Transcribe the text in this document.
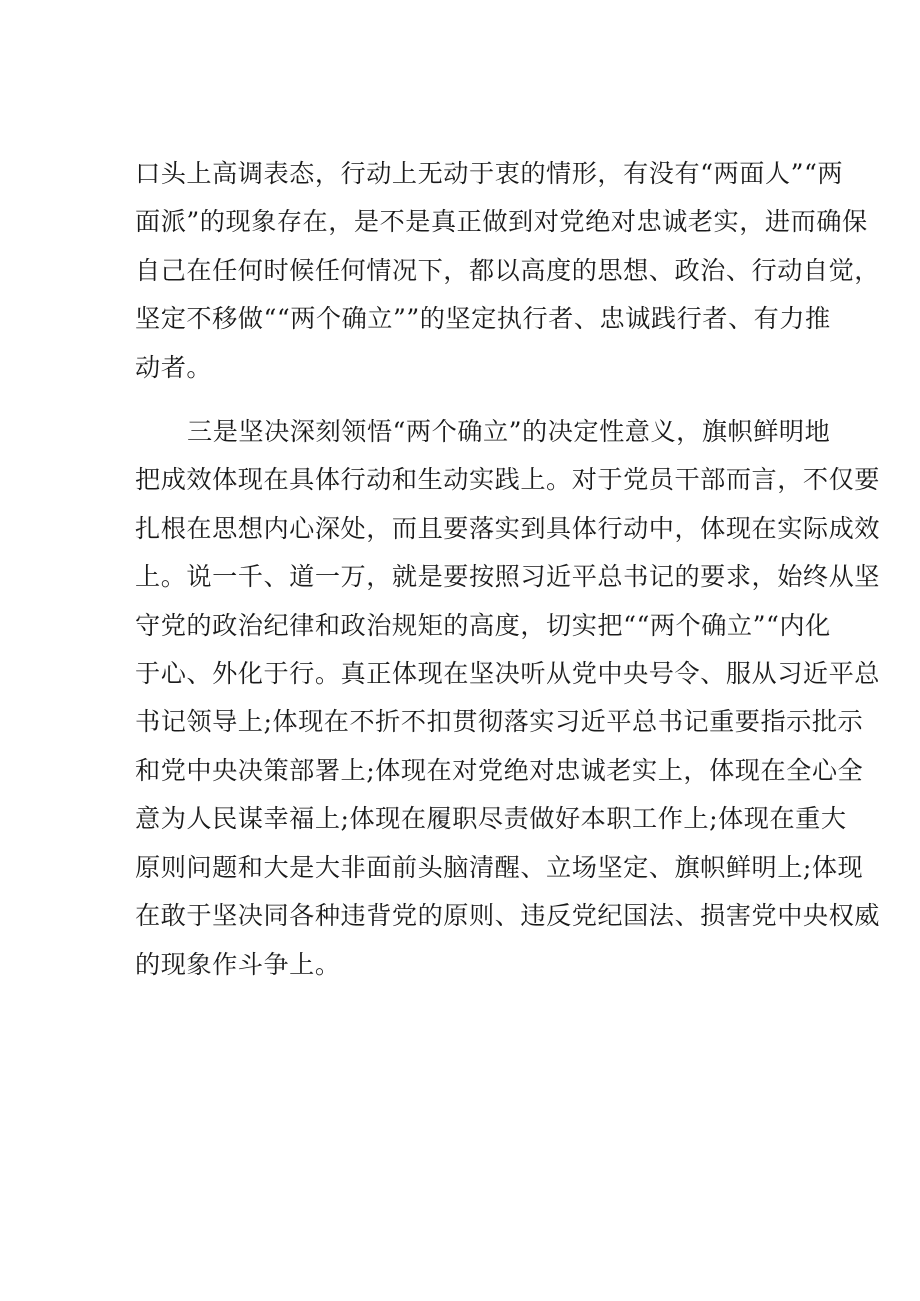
口头上高调表态，行动上无动于衷的情形，有没有“两面人”“两
面派”的现象存在，是不是真正做到对党绝对忠诚老实，进而确保
自己在任何时候任何情况下，都以高度的思想、政治、行动自觉，
坚定不移做““两个确立””的坚定执行者、忠诚践行者、有力推
动者。

三是坚决深刻领悟“两个确立”的决定性意义，旗帜鲜明地
把成效体现在具体行动和生动实践上。对于党员干部而言，不仅要
扎根在思想内心深处，而且要落实到具体行动中，体现在实际成效
上。说一千、道一万，就是要按照习近平总书记的要求，始终从坚
守党的政治纪律和政治规矩的高度，切实把““两个确立”“内化
于心、外化于行。真正体现在坚决听从党中央号令、服从习近平总
书记领导上;体现在不折不扣贯彻落实习近平总书记重要指示批示
和党中央决策部署上;体现在对党绝对忠诚老实上，体现在全心全
意为人民谋幸福上;体现在履职尽责做好本职工作上;体现在重大
原则问题和大是大非面前头脑清醒、立场坚定、旗帜鲜明上;体现
在敢于坚决同各种违背党的原则、违反党纪国法、损害党中央权威
的现象作斗争上。
